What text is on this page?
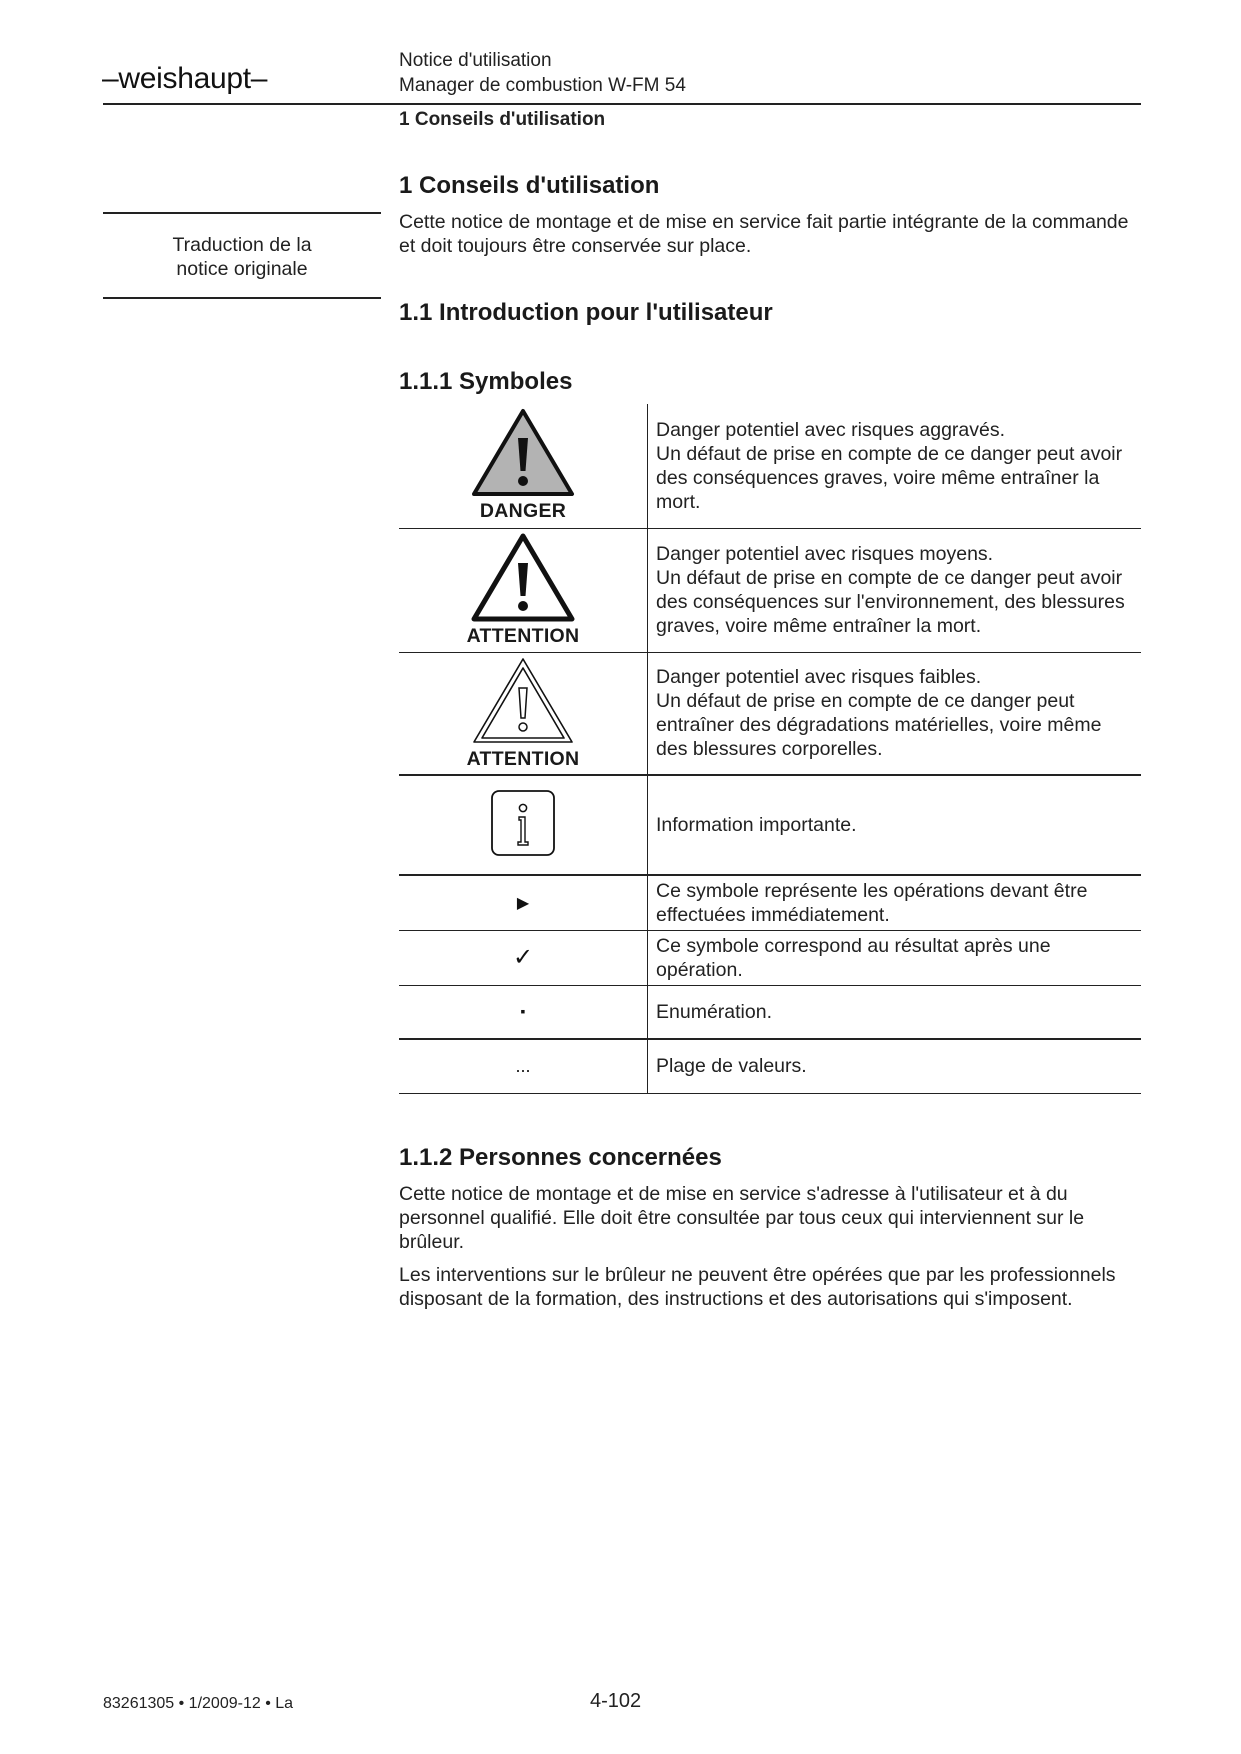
–weishaupt–
Notice d'utilisation
Manager de combustion W-FM 54
1 Conseils d'utilisation
Traduction de la
notice originale
1 Conseils d'utilisation

Cette notice de montage et de mise en service fait partie intégrante de la commande et doit toujours être conservée sur place.

1.1 Introduction pour l'utilisateur
1.1.1 Symboles
DANGER	Danger potentiel avec risques aggravés.
Un défaut de prise en compte de ce danger peut avoir des conséquences graves, voire même entraîner la mort.

ATTENTION	Danger potentiel avec risques moyens.
Un défaut de prise en compte de ce danger peut avoir des conséquences sur l'environnement, des blessures graves, voire même entraîner la mort.

ATTENTION	Danger potentiel avec risques faibles.
Un défaut de prise en compte de ce danger peut entraîner des dégradations matérielles, voire même des blessures corporelles.

Information importante.

▶	Ce symbole représente les opérations devant être effectuées immédiatement.

✓	Ce symbole correspond au résultat après une opération.

▪	Enumération.

...	Plage de valeurs.
1.1.2 Personnes concernées

Cette notice de montage et de mise en service s'adresse à l'utilisateur et à du personnel qualifié. Elle doit être consultée par tous ceux qui interviennent sur le brûleur.

Les interventions sur le brûleur ne peuvent être opérées que par les professionnels disposant de la formation, des instructions et des autorisations qui s'imposent.

83261305 • 1/2009-12 • La	4-102
